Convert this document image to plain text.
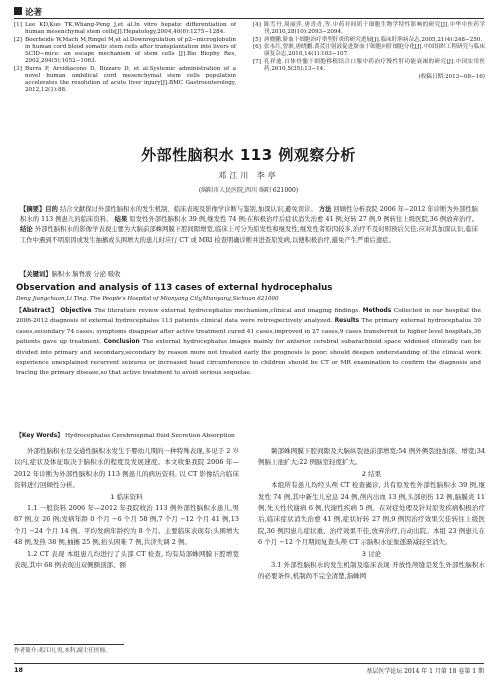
论著
[1] Lee KD,Kuo TK,Whang-Peng J,et al.In vitro hepatic differentiation of human mesenchymal stem cells[J].Hepatology,2004,40(6):1275−1284.
[2] Beerheide W,Mach M,Ringel M,et al.Downregulation of p2−microglobulin in human cord blood somatic stem cells after transplantation into livers of SCID−mice: an escape mechanism of stem cells [J].Bio Biophy Res, 2002,294(5):1052−1063.
[3] Burra P, Arcidiacono D, Bizzaro D, et al.Systemic administration of a novel human umbilical cord mesenchymal stem cells population accelerates the resolution of acute liver injury[J].BMC Gastroenterology, 2012,12(1):88.
[4] 陈雪丹,周丽萍,唐青青,等.中药对间质干细胞生物学特性影响的研究[J].中华中医药学刊,2010,28(10):2093−2094.
[5] 唐晓鹏.脐血干细胞治疗重型肝炎的研究进展[J].临床肝胆病杂志,2005,21(4):248−250.
[6] 张永红,曾耿,唐晓鹏.黄芪注射液促进脐血干细胞向肝细胞分化[J].中国组织工程研究与临床康复杂志,2010,14(1):103−107.
[7] 孔祥迪.自体骨髓干细胞移植结合口服中药治疗慢性肝功能衰竭的研究[J].中国实用医药,2010,5(35):13−14.
(收稿日期:2013−08−16)
外部性脑积水 113 例观察分析
邓江川 李亭
(绵阳市人民医院,四川 绵阳 621000)
【摘要】目的 结合文献探讨外部性脑积水的发生机制、临床表现及影像学诊断与鉴别,加深认识,避免误诊。 方法 回顾性分析我院 2006 年−2012 年诊断为外部性脑积水的 113 例患儿的临床资料。 结果 原发性外部性脑积水 39 例,继发性 74 例;在积极治疗后症状消失治愈 41 例,好转 27 例,9 例转往上级医院,36 例放弃治疗。 结论 外部性脑积水的影像学表现主要为大脑前部蛛网膜下腔间隙增宽,临床上可分为原发性和继发性,继发性者原因较多,治疗不及时则预后欠佳;应对其加深认识,临床工作中遇到不明原因或发生抽搐或头围增大的患儿时应行 CT 或 MRI 检查明确诊断并进查原发病,以便积极治疗,避免产生严重后遗症。
【关键词】脑积水 脑脊液 分泌 吸收
Observation and analysis of 113 cases of external hydrocephalus
Deng Jiangchuan,Li Ting. The People's Hospital of Mianyang City,Mianyang,Sichuan 621000
【Abstract】 Objective The literature review external hydrocephalus mechanism,clinical and imaging findings. Methods Collected in our hospital the 2006-2012 diagnosis of external hydrocephalus 113 patients clinical data were retrospectively analyzed. Results The primary external hydrocephalus 39 cases,secondary 74 cases; symptoms disappear after active treatment cured 41 cases,improved in 27 cases,9 cases transferred to higher level hospitals,36 patients gave up treatment. Conclusion The external hydrocephalus images mainly for anterior cerebral subarachnoid space widened clinically can be divided into primary and secondary,secondary by reason more not treated early the prognosis is poor; should deepen understanding of the clinical work experience unexplained recurrent seizures or increased head circumference in children should be CT or MR examination to confirm the diagnosis and tracing the primary disease,so that active treatment to avoid serious sequelae.
【Key Words】 Hydrocephalus Cerebrospinal fluid Secretion Absorption

外部性脑积水是交通性脑积水发生于婴幼儿期的一种特殊表现,多见于 2 岁以内,症状及体征取决于脑积水的程度及发展速度。本文收集我院 2006 年—2012 年诊断为外部性脑积水的 113 例患儿的病历资料, 以 CT 影像结合临床资料进行回顾性分析。

1 临床资料

1.1 一般资料 2006 年—2012 年我院收治 113 例外部性脑积水患儿,男 87 例,女 26 例;发病年龄 0 个月 −6 个月 58 例,7 个月 −12 个月 41 例,13 个月 −24 个月 14 例。平均发病年龄约为 8 个月。主要临床表现有:头围增大 48 例,发热 38 例,抽搐 25 例,抬头困难 7 例,共济失调 2 例。

1.2 CT 表现 本组患儿均进行了头部 CT 检查, 均有局部蛛网膜下腔增宽表现,其中 68 例表现出双侧额顶部、额

颞部蛛网膜下腔间隙及大脑纵裂池前部增宽;54 例外侧裂池加深、增宽;34 例脑上池扩大;22 例脑室轻度扩大。

2 结果

本组所有患儿均经头颅 CT 检查确诊, 共有原发性外部性脑积水 39 例,继发性 74 例,其中新生儿窒息 24 例,颅内出血 13 例,头部创伤 12 例,脑膜炎 11 例,先天性代谢病 6 例,代谢性疾病 5 例。在对症处理及针对原发疾病积极治疗后,临床症状消失治愈 41 例,症状好转 27 例,9 例因治疗效果欠佳转往上级医院,36 例因患儿症状重、治疗效果不佳,放弃治疗,自动出院。本组 23 例患儿在 6 个月 −12 个月期间复查头颅 CT 示脑积水征象逐渐减轻至消失。

3 讨论

3.1 外部性脑积水的发生机制及临床表现 开放性颅缝是发生外部性脑积水的必要条件,机制尚不完全清楚,指蛛网

作者简介:邓江川,男,本科,副主任医师。
18	基层医学论坛 2014 年 1 月第 18 卷第 1 期
